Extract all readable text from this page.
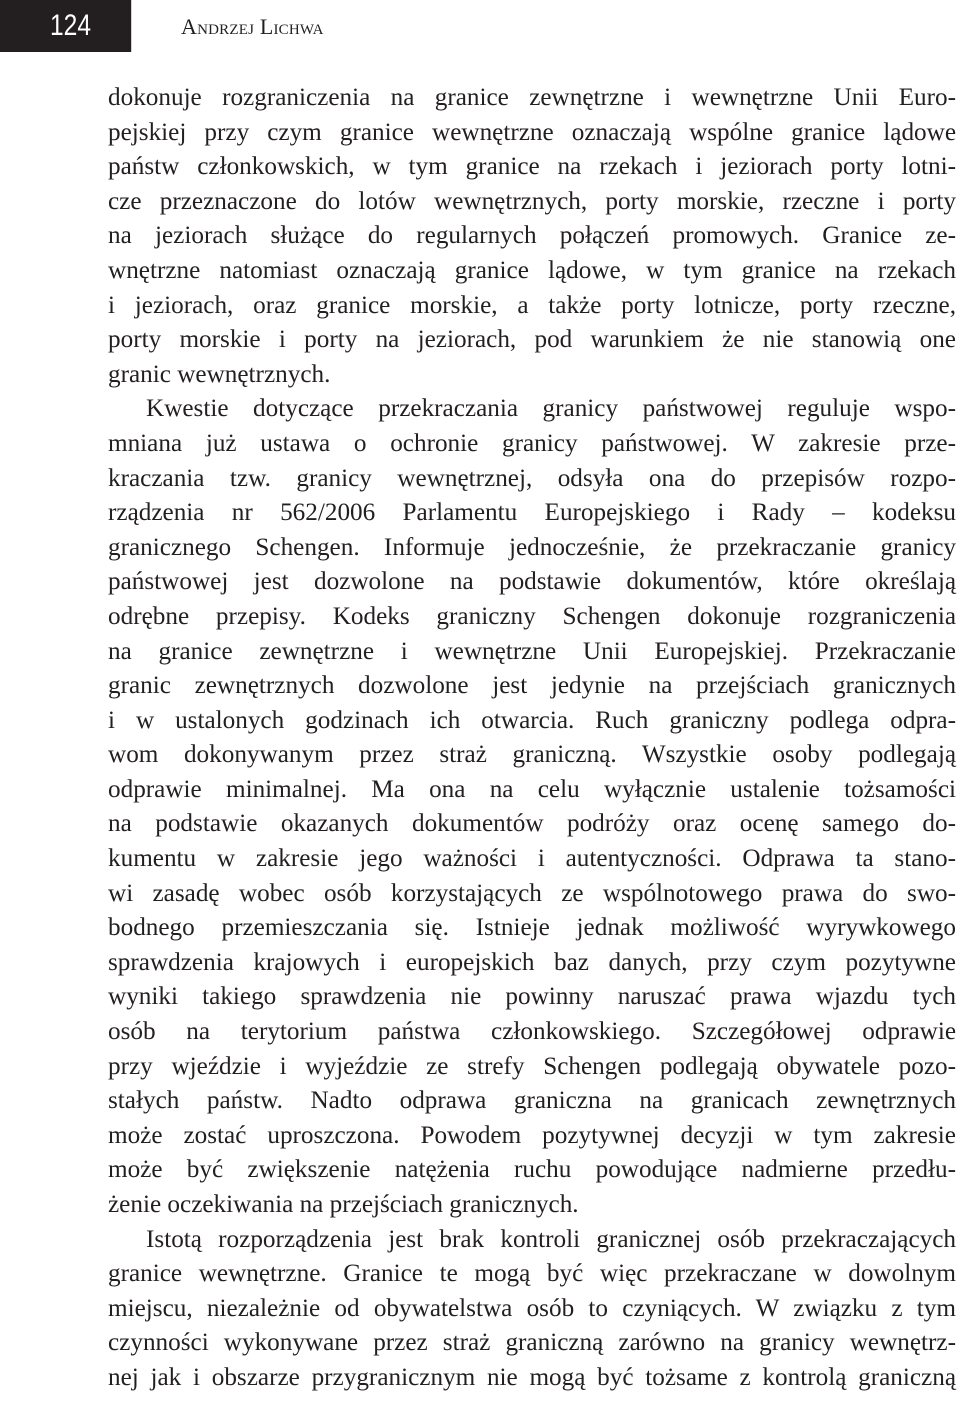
124	Andrzej Lichwa
dokonuje rozgraniczenia na granice zewnętrzne i wewnętrzne Unii Euro-
pejskiej przy czym granice wewnętrzne oznaczają wspólne granice lądowe
państw członkowskich, w tym granice na rzekach i jeziorach porty lotni-
cze przeznaczone do lotów wewnętrznych, porty morskie, rzeczne i porty
na jeziorach służące do regularnych połączeń promowych. Granice ze-
wnętrzne natomiast oznaczają granice lądowe, w tym granice na rzekach
i jeziorach, oraz granice morskie, a także porty lotnicze, porty rzeczne,
porty morskie i porty na jeziorach, pod warunkiem że nie stanowią one
granic wewnętrznych.
Kwestie dotyczące przekraczania granicy państwowej reguluje wspo-
mniana już ustawa o ochronie granicy państwowej. W zakresie prze-
kraczania tzw. granicy wewnętrznej, odsyła ona do przepisów rozpo-
rządzenia nr 562/2006 Parlamentu Europejskiego i Rady – kodeksu
granicznego Schengen. Informuje jednocześnie, że przekraczanie granicy
państwowej jest dozwolone na podstawie dokumentów, które określają
odrębne przepisy. Kodeks graniczny Schengen dokonuje rozgraniczenia
na granice zewnętrzne i wewnętrzne Unii Europejskiej. Przekraczanie
granic zewnętrznych dozwolone jest jedynie na przejściach granicznych
i w ustalonych godzinach ich otwarcia. Ruch graniczny podlega odpra-
wom dokonywanym przez straż graniczną. Wszystkie osoby podlegają
odprawie minimalnej. Ma ona na celu wyłącznie ustalenie tożsamości
na podstawie okazanych dokumentów podróży oraz ocenę samego do-
kumentu w zakresie jego ważności i autentyczności. Odprawa ta stano-
wi zasadę wobec osób korzystających ze wspólnotowego prawa do swo-
bodnego przemieszczania się. Istnieje jednak możliwość wyrywkowego
sprawdzenia krajowych i europejskich baz danych, przy czym pozytywne
wyniki takiego sprawdzenia nie powinny naruszać prawa wjazdu tych
osób na terytorium państwa członkowskiego. Szczegółowej odprawie
przy wjeździe i wyjeździe ze strefy Schengen podlegają obywatele pozo-
stałych państw. Nadto odprawa graniczna na granicach zewnętrznych
może zostać uproszczona. Powodem pozytywnej decyzji w tym zakresie
może być zwiększenie natężenia ruchu powodujące nadmierne przedłu-
żenie oczekiwania na przejściach granicznych.
Istotą rozporządzenia jest brak kontroli granicznej osób przekraczających
granice wewnętrzne. Granice te mogą być więc przekraczane w dowolnym
miejscu, niezależnie od obywatelstwa osób to czyniących. W związku z tym
czynności wykonywane przez straż graniczną zarówno na granicy wewnętrz-
nej jak i obszarze przygranicznym nie mogą być tożsame z kontrolą graniczną
